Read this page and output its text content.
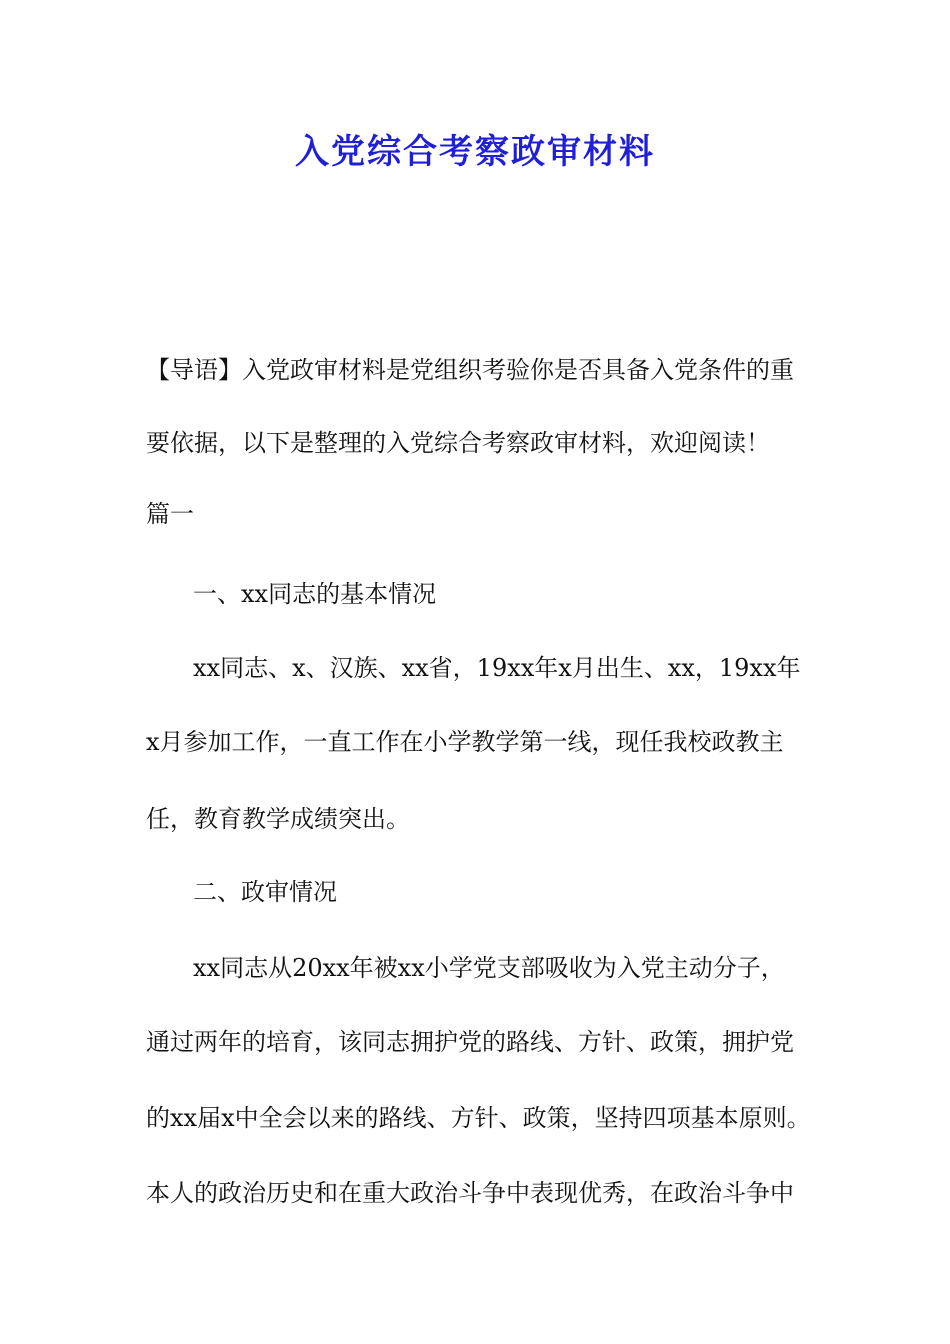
入党综合考察政审材料
【导语】入党政审材料是党组织考验你是否具备入党条件的重
要依据，以下是整理的入党综合考察政审材料，欢迎阅读！
篇一
一、xx同志的基本情况
xx同志、x、汉族、xx省，19xx年x月出生、xx，19xx年
x月参加工作，一直工作在小学教学第一线，现任我校政教主
任，教育教学成绩突出。
二、政审情况
xx同志从20xx年被xx小学党支部吸收为入党主动分子，
通过两年的培育，该同志拥护党的路线、方针、政策，拥护党
的xx届x中全会以来的路线、方针、政策，坚持四项基本原则。
本人的政治历史和在重大政治斗争中表现优秀，在政治斗争中
